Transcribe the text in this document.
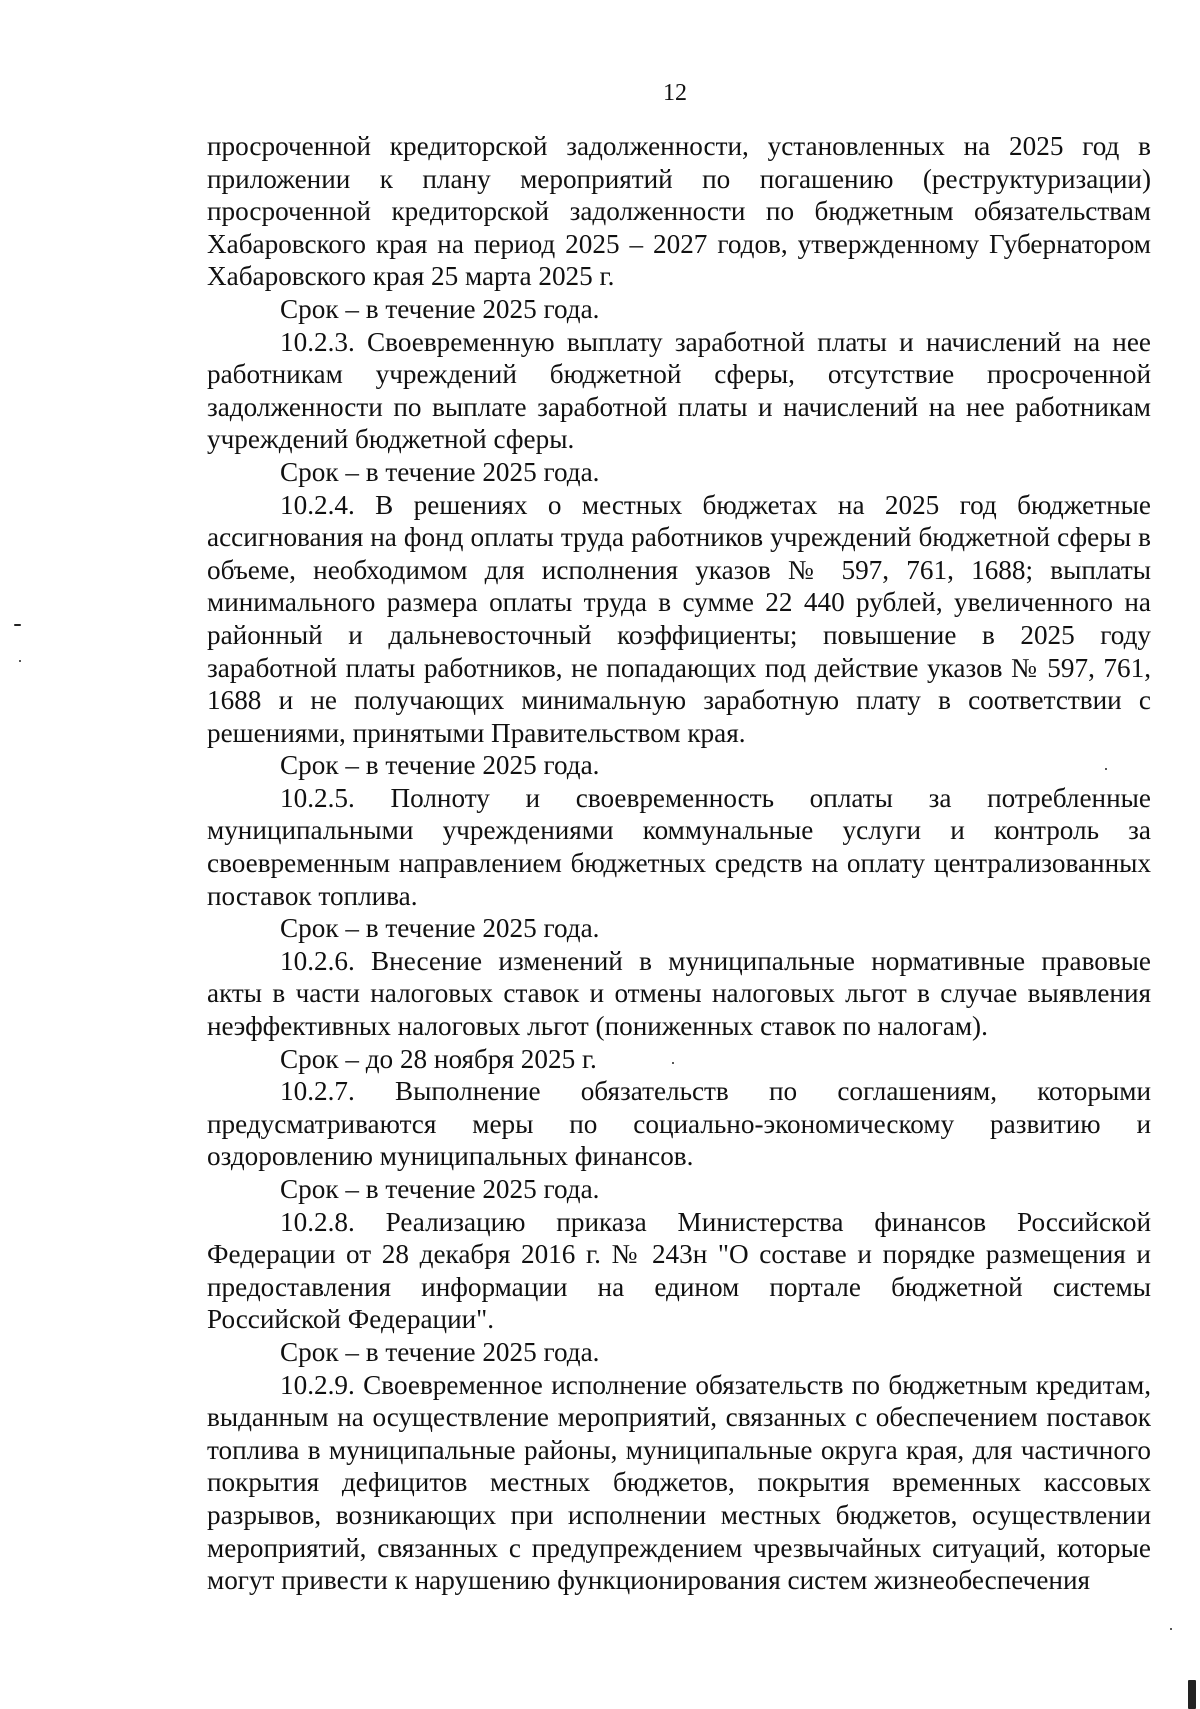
12

просроченной кредиторской задолженности, установленных на 2025 год в приложении к плану мероприятий по погашению (реструктуризации) просроченной кредиторской задолженности по бюджетным обязательствам Хабаровского края на период 2025 – 2027 годов, утвержденному Губернатором Хабаровского края 25 марта 2025 г.

Срок – в течение 2025 года.

10.2.3. Своевременную выплату заработной платы и начислений на нее работникам учреждений бюджетной сферы, отсутствие просроченной задолженности по выплате заработной платы и начислений на нее работникам учреждений бюджетной сферы.

Срок – в течение 2025 года.

10.2.4. В решениях о местных бюджетах на 2025 год бюджетные ассигнования на фонд оплаты труда работников учреждений бюджетной сферы в объеме, необходимом для исполнения указов № 597, 761, 1688; выплаты минимального размера оплаты труда в сумме 22 440 рублей, увеличенного на районный и дальневосточный коэффициенты; повышение в 2025 году заработной платы работников, не попадающих под действие указов № 597, 761, 1688 и не получающих минимальную заработную плату в соответствии с решениями, принятыми Правительством края.

Срок – в течение 2025 года.

10.2.5. Полноту и своевременность оплаты за потребленные муниципальными учреждениями коммунальные услуги и контроль за своевременным направлением бюджетных средств на оплату централизованных поставок топлива.

Срок – в течение 2025 года.

10.2.6. Внесение изменений в муниципальные нормативные правовые акты в части налоговых ставок и отмены налоговых льгот в случае выявления неэффективных налоговых льгот (пониженных ставок по налогам).

Срок – до 28 ноября 2025 г.

10.2.7. Выполнение обязательств по соглашениям, которыми предусматриваются меры по социально-экономическому развитию и оздоровлению муниципальных финансов.

Срок – в течение 2025 года.

10.2.8. Реализацию приказа Министерства финансов Российской Федерации от 28 декабря 2016 г. № 243н "О составе и порядке размещения и предоставления информации на едином портале бюджетной системы Российской Федерации".

Срок – в течение 2025 года.

10.2.9. Своевременное исполнение обязательств по бюджетным кредитам, выданным на осуществление мероприятий, связанных с обеспечением поставок топлива в муниципальные районы, муниципальные округа края, для частичного покрытия дефицитов местных бюджетов, покрытия временных кассовых разрывов, возникающих при исполнении местных бюджетов, осуществлении мероприятий, связанных с предупреждением чрезвычайных ситуаций, которые могут привести к нарушению функционирования систем жизнеобеспечения
